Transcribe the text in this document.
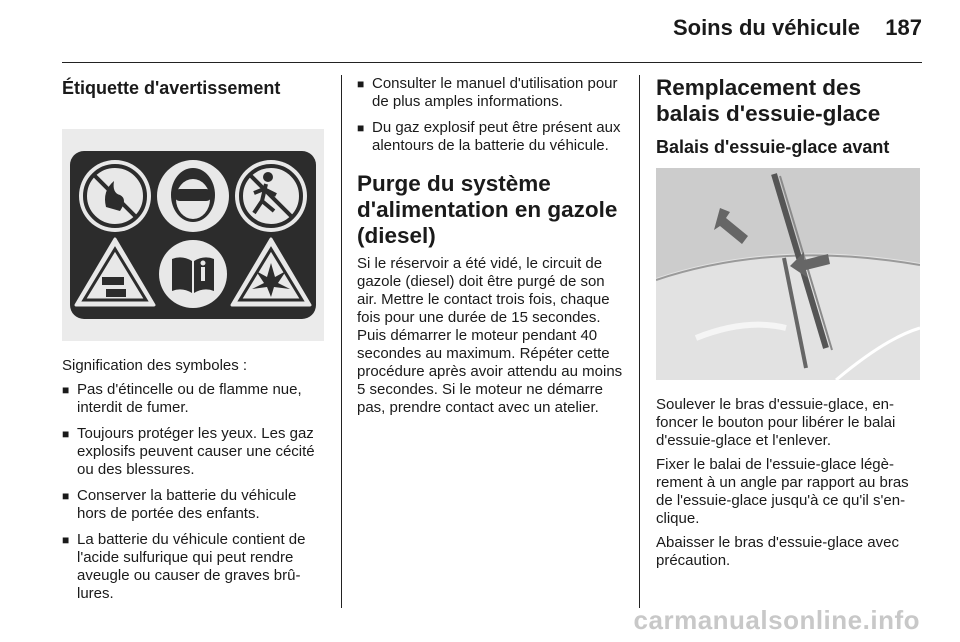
Soins du véhicule 187
Étiquette d'avertissement

Signification des symboles :

■ Pas d'étincelle ou de flamme nue, interdit de fumer.
■ Toujours protéger les yeux. Les gaz explosifs peuvent causer une cécité ou des blessures.
■ Conserver la batterie du véhicule hors de portée des enfants.
■ La batterie du véhicule contient de l'acide sulfurique qui peut rendre aveugle ou causer de graves brû-lures.
■ Consulter le manuel d'utilisation pour de plus amples informations.
■ Du gaz explosif peut être présent aux alentours de la batterie du véhicule.
Purge du système d'alimentation en gazole (diesel)

Si le réservoir a été vidé, le circuit de gazole (diesel) doit être purgé de son air. Mettre le contact trois fois, chaque fois pour une durée de 15 secondes. Puis démarrer le moteur pendant 40 secondes au maximum. Répéter cette procédure après avoir attendu au moins 5 secondes. Si le moteur ne démarre pas, prendre contact avec un atelier.

Remplacement des balais d'essuie-glace
Balais d'essuie-glace avant

Soulever le bras d'essuie-glace, en-foncer le bouton pour libérer le balai d'essuie-glace et l'enlever.

Fixer le balai de l'essuie-glace légè-rement à un angle par rapport au bras de l'essuie-glace jusqu'à ce qu'il s'en-clique.

Abaisser le bras d'essuie-glace avec précaution.

carmanualsonline.info
